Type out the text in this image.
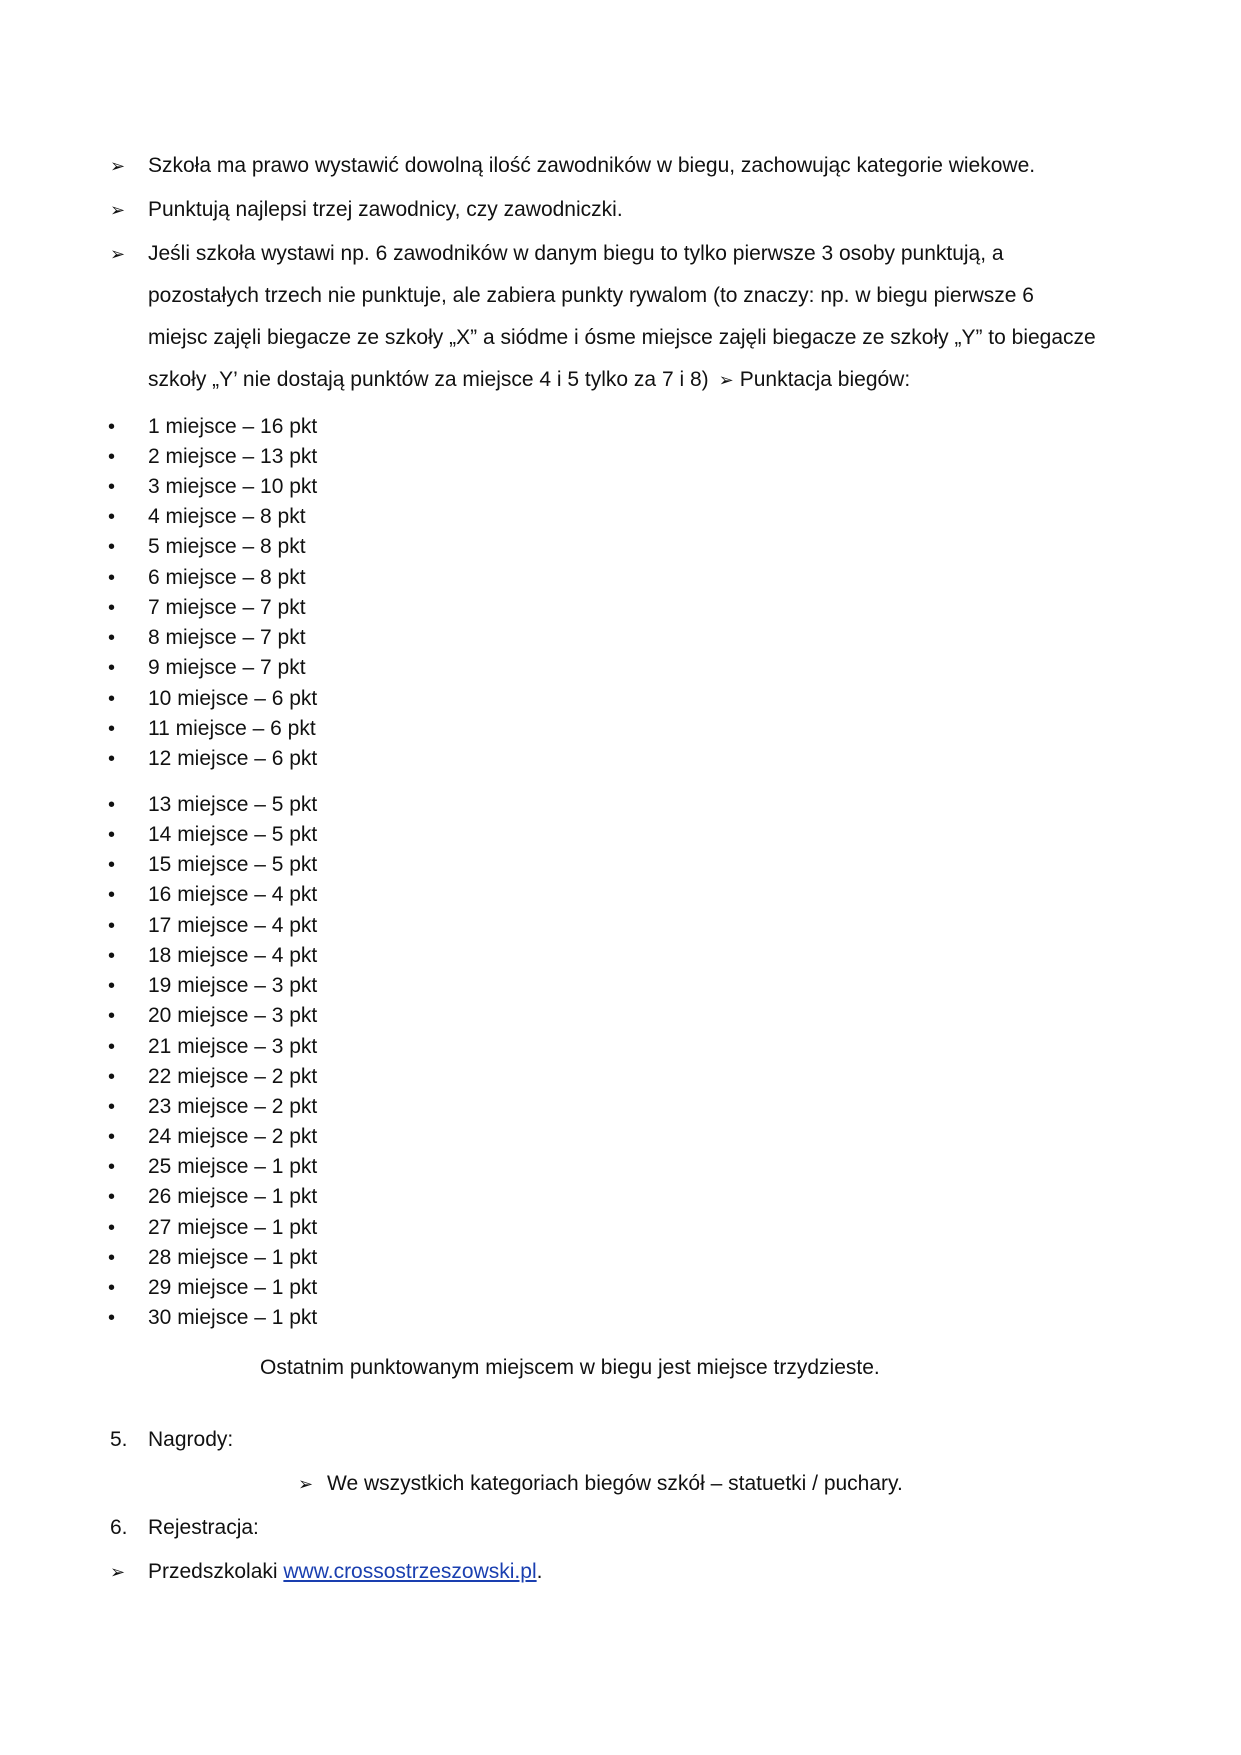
➢ Szkoła ma prawo wystawić dowolną ilość zawodników w biegu, zachowując kategorie wiekowe.
➢ Punktują najlepsi trzej zawodnicy, czy zawodniczki.
➢ Jeśli szkoła wystawi np. 6 zawodników w danym biegu to tylko pierwsze 3 osoby punktują, a
pozostałych trzech nie punktuje, ale zabiera punkty rywalom (to znaczy: np. w biegu pierwsze 6
miejsc zajęli biegacze ze szkoły „X” a siódme i ósme miejsce zajęli biegacze ze szkoły „Y” to biegacze
szkoły „Y’ nie dostają punktów za miejsce 4 i 5 tylko za 7 i 8) ➢ Punktacja biegów:
• 1 miejsce – 16 pkt
• 2 miejsce – 13 pkt
• 3 miejsce – 10 pkt
• 4 miejsce – 8 pkt
• 5 miejsce – 8 pkt
• 6 miejsce – 8 pkt
• 7 miejsce – 7 pkt
• 8 miejsce – 7 pkt
• 9 miejsce – 7 pkt
• 10 miejsce – 6 pkt
• 11 miejsce – 6 pkt
• 12 miejsce – 6 pkt
• 13 miejsce – 5 pkt
• 14 miejsce – 5 pkt
• 15 miejsce – 5 pkt
• 16 miejsce – 4 pkt
• 17 miejsce – 4 pkt
• 18 miejsce – 4 pkt
• 19 miejsce – 3 pkt
• 20 miejsce – 3 pkt
• 21 miejsce – 3 pkt
• 22 miejsce – 2 pkt
• 23 miejsce – 2 pkt
• 24 miejsce – 2 pkt
• 25 miejsce – 1 pkt
• 26 miejsce – 1 pkt
• 27 miejsce – 1 pkt
• 28 miejsce – 1 pkt
• 29 miejsce – 1 pkt
• 30 miejsce – 1 pkt
Ostatnim punktowanym miejscem w biegu jest miejsce trzydzieste.
5. Nagrody:
➢ We wszystkich kategoriach biegów szkół – statuetki / puchary.
6. Rejestracja:
➢ Przedszkolaki www.crossostrzeszowski.pl.
